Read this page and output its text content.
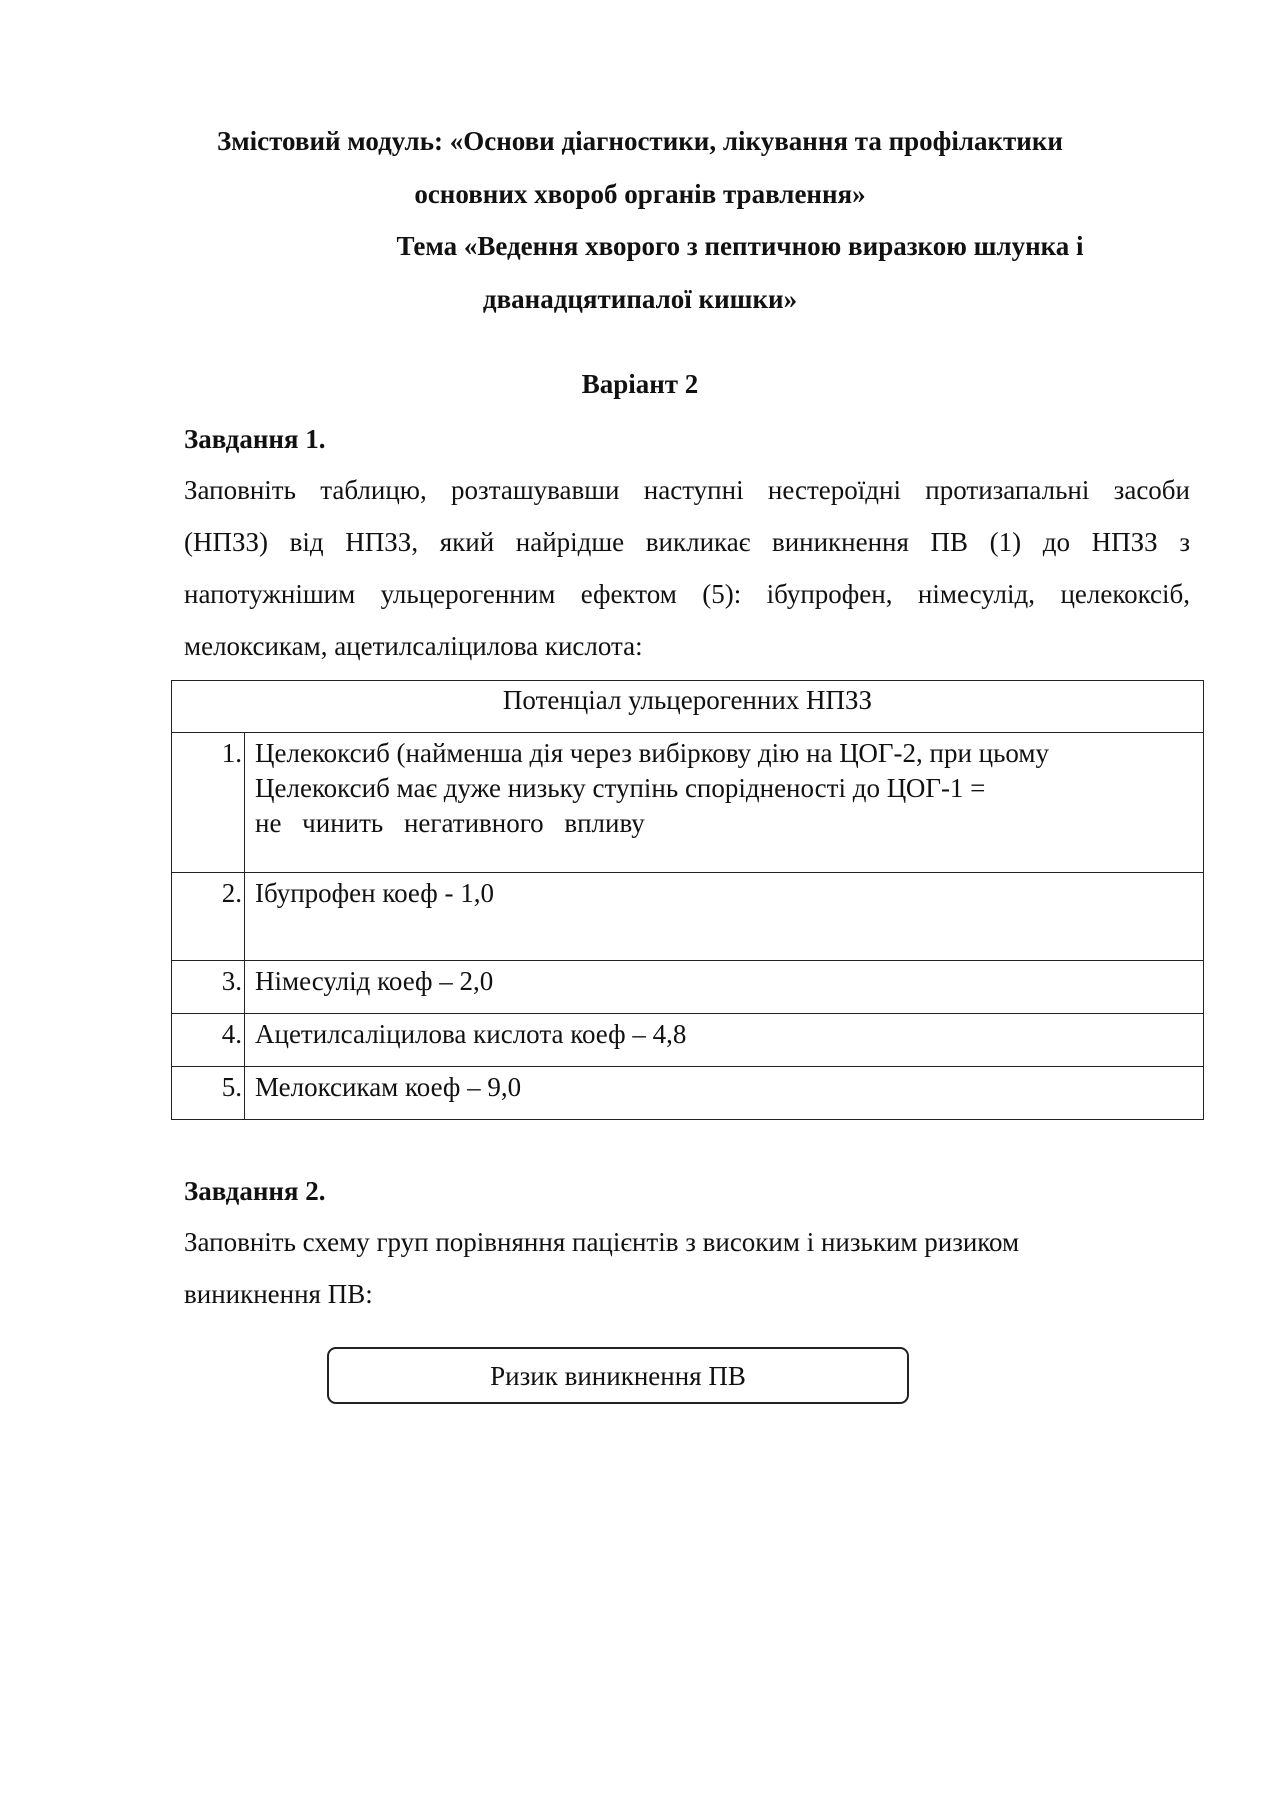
Змістовий модуль: «Основи діагностики, лікування та профілактики
основних хвороб органів травлення»
Тема «Ведення хворого з пептичною виразкою шлунка і
дванадцятипалої кишки»
Варіант 2
Завдання 1.
Заповніть таблицю, розташувавши наступні нестероїдні протизапальні засоби
(НПЗЗ) від НПЗЗ, який найрідше викликає виникнення ПВ (1) до НПЗЗ з
напотужнішим ульцерогенним ефектом (5): ібупрофен, німесулід, целекоксіб,
мелоксикам, ацетилсаліцилова кислота:
Потенціал ульцерогенних НПЗЗ	
1.	Целекоксиб (найменша дія через вибіркову дію на ЦОГ-2, при цьому
Целекоксиб має дуже низьку ступінь спорідненості до ЦОГ-1 =
не чинить негативного впливу

2.	Ібупрофен коеф - 1,0

3.	Німесулід коеф – 2,0

4.	Ацетилсаліцилова кислота коеф – 4,8

5.	Мелоксикам коеф – 9,0
Завдання 2.
Заповніть схему груп порівняння пацієнтів з високим і низьким ризиком
виникнення ПВ:
Ризик виникнення ПВ
